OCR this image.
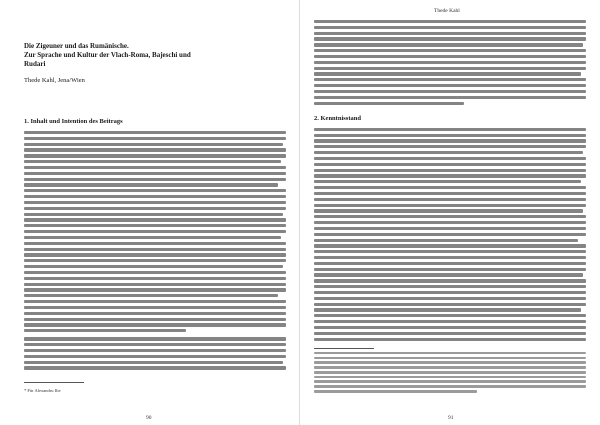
Die Zigeuner und das Rumänische.
Zur Sprache und Kultur der Vlach-Roma, Bajeschi und
Rudari
Thede Kahl, Jena/Wien
1. Inhalt und Intention des Beitrags
* Für Alexandru Ilie
2. Kenntnisstand
Thede Kahl
90	91
